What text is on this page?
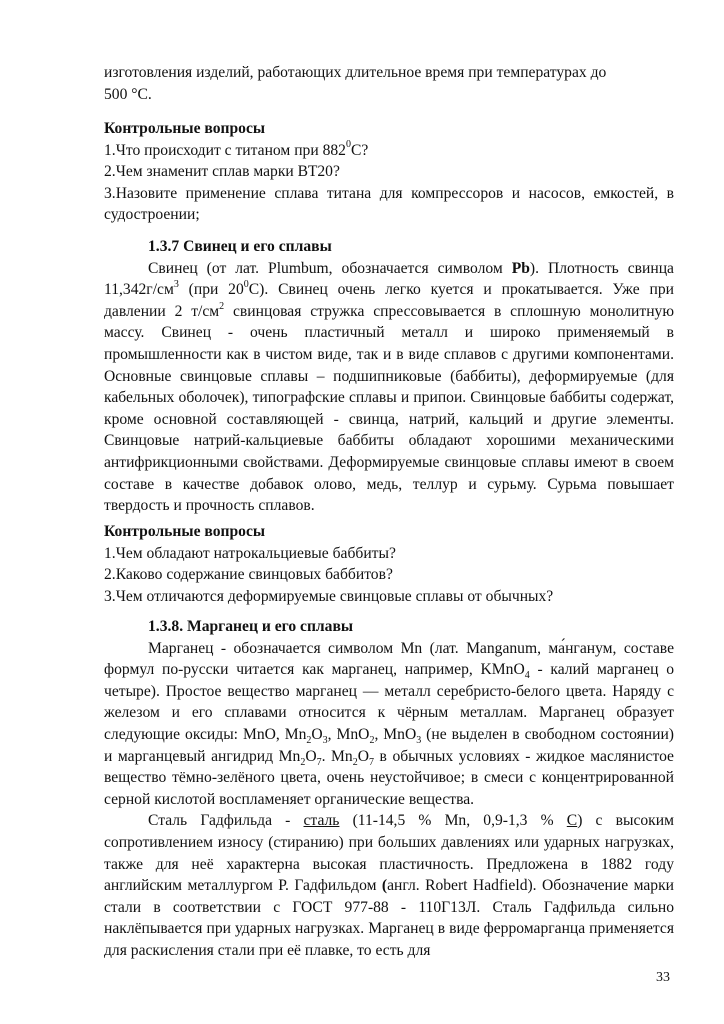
изготовления изделий, работающих длительное время при температурах до
500 °С.

Контрольные вопросы

1.Что происходит с титаном при $882^0С$?

2.Чем знаменит сплав марки ВТ20?

3.Назовите применение сплава титана для компрессоров и насосов, емкостей, в судостроении;

1.3.7 Свинец и его сплавы

Свинец (от лат. Plumbum, обозначается символом Pb). Плотность свинца $11,342г/см^3$ (при $20^0С$). Свинец очень легко куется и прокатывается. Уже при давлении 2 $т/см^2$ свинцовая стружка спрессовывается в сплошную монолитную массу. Свинец - очень пластичный металл и широко применяемый в промышленности как в чистом виде, так и в виде сплавов с другими компонентами. Основные свинцовые сплавы – подшипниковые (баббиты), деформируемые (для кабельных оболочек), типографские сплавы и припои. Свинцовые баббиты содержат, кроме основной составляющей - свинца, натрий, кальций и другие элементы. Свинцовые натрий-кальциевые баббиты обладают хорошими механическими антифрикционными свойствами. Деформируемые свинцовые сплавы имеют в своем составе в качестве добавок олово, медь, теллур и сурьму. Сурьма повышает твердость и прочность сплавов.

Контрольные вопросы

1.Чем обладают натрокальциевые баббиты?

2.Каково содержание свинцовых баббитов?

3.Чем отличаются деформируемые свинцовые сплавы от обычных?

1.3.8. Марганец и его сплавы

Марганец - обозначается символом Mn (лат. Manganum, ма́нганум, составе формул по-русски читается как марганец, например, KMnO$_4$ - калий марганец о четыре). Простое вещество марганец — металл серебристо-белого цвета. Наряду с железом и его сплавами относится к чёрным металлам. Марганец образует следующие оксиды: MnO, $Mn_2O_3$, MnO$_2$, MnO$_3$ (не выделен в свободном состоянии) и марганцевый ангидрид $Mn_2O_7$. $Mn_2O_7$ в обычных условиях - жидкое маслянистое вещество тёмно-зелёного цвета, очень неустойчивое; в смеси с концентрированной серной кислотой воспламеняет органические вещества.

Сталь Гадфильда - сталь (11-14,5 % Mn, 0,9-1,3 % С) с высоким сопротивлением износу (стиранию) при больших давлениях или ударных нагрузках, также для неё характерна высокая пластичность. Предложена в 1882 году английским металлургом Р. Гадфильдом (англ. Robert Hadfield). Обозначение марки стали в соответствии с ГОСТ 977-88 - 110Г13Л. Сталь Гадфильда сильно наклёпывается при ударных нагрузках. Марганец в виде ферромарганца применяется для раскисления стали при её плавке, то есть для

33
